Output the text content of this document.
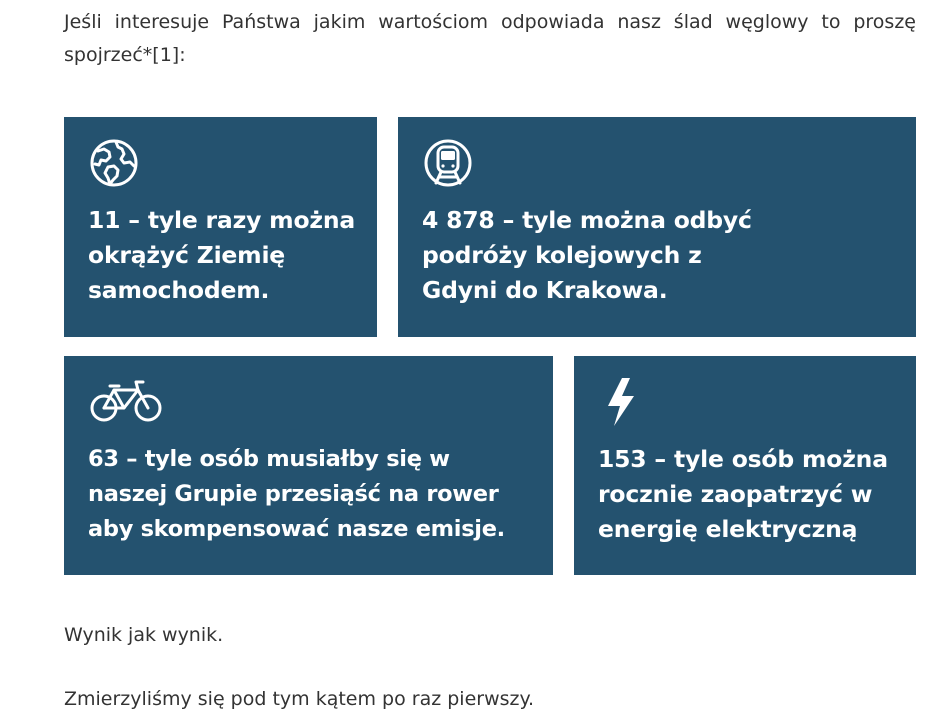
Jeśli interesuje Państwa jakim wartościom odpowiada nasz ślad węglowy to proszę spojrzeć*[1]:

11 – tyle razy można
okrążyć Ziemię
samochodem.

4 878 – tyle można odbyć
podróży kolejowych z
Gdyni do Krakowa.

63 – tyle osób musiałby się w
naszej Grupie przesiąść na rower
aby skompensować nasze emisje.

153 – tyle osób można
rocznie zaopatrzyć w
energię elektryczną

Wynik jak wynik.

Zmierzyliśmy się pod tym kątem po raz pierwszy.
